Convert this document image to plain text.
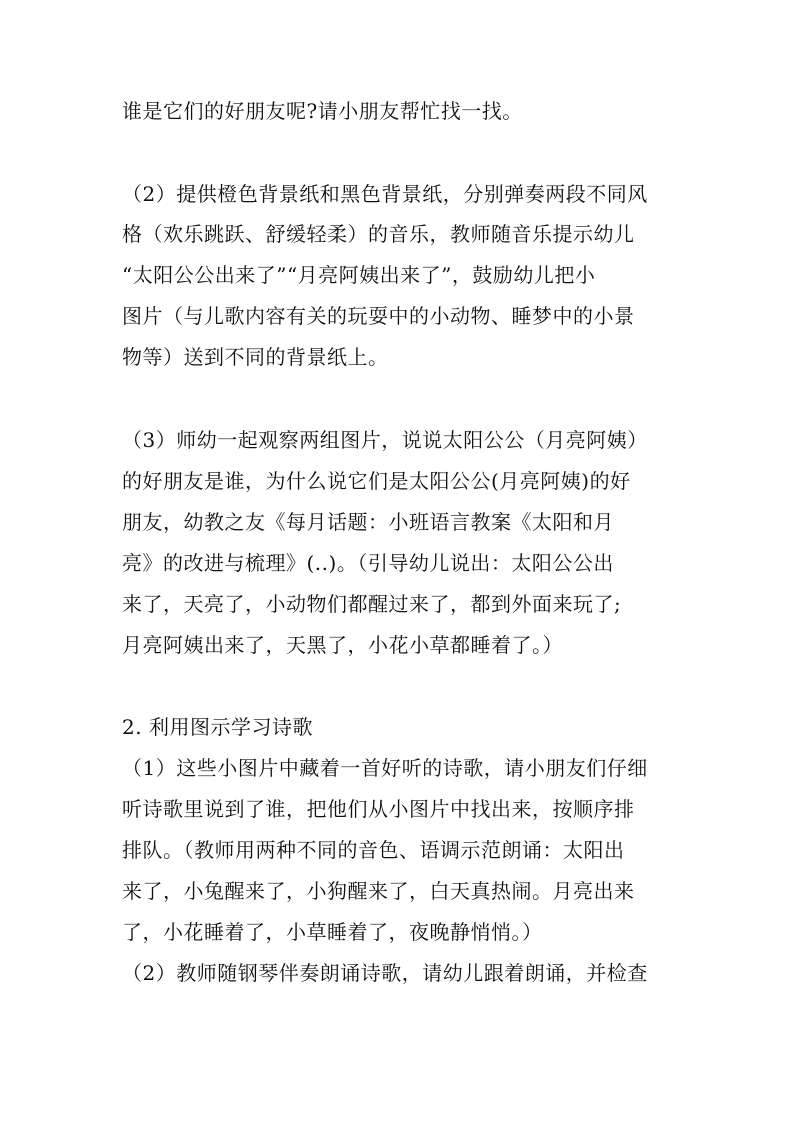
谁是它们的好朋友呢?请小朋友帮忙找一找。
（2）提供橙色背景纸和黑色背景纸，分别弹奏两段不同风
格（欢乐跳跃、舒缓轻柔）的音乐，教师随音乐提示幼儿
“太阳公公出来了”“月亮阿姨出来了”，鼓励幼儿把小
图片（与儿歌内容有关的玩耍中的小动物、睡梦中的小景
物等）送到不同的背景纸上。
（3）师幼一起观察两组图片，说说太阳公公（月亮阿姨）
的好朋友是谁，为什么说它们是太阳公公(月亮阿姨)的好
朋友，幼教之友《每月话题：小班语言教案《太阳和月
亮》的改进与梳理》(..)。（引导幼儿说出：太阳公公出
来了，天亮了，小动物们都醒过来了，都到外面来玩了;
月亮阿姨出来了，天黑了，小花小草都睡着了。）
2. 利用图示学习诗歌
（1）这些小图片中藏着一首好听的诗歌，请小朋友们仔细
听诗歌里说到了谁，把他们从小图片中找出来，按顺序排
排队。（教师用两种不同的音色、语调示范朗诵：太阳出
来了，小兔醒来了，小狗醒来了，白天真热闹。月亮出来
了，小花睡着了，小草睡着了，夜晚静悄悄。）
（2）教师随钢琴伴奏朗诵诗歌，请幼儿跟着朗诵，并检查
